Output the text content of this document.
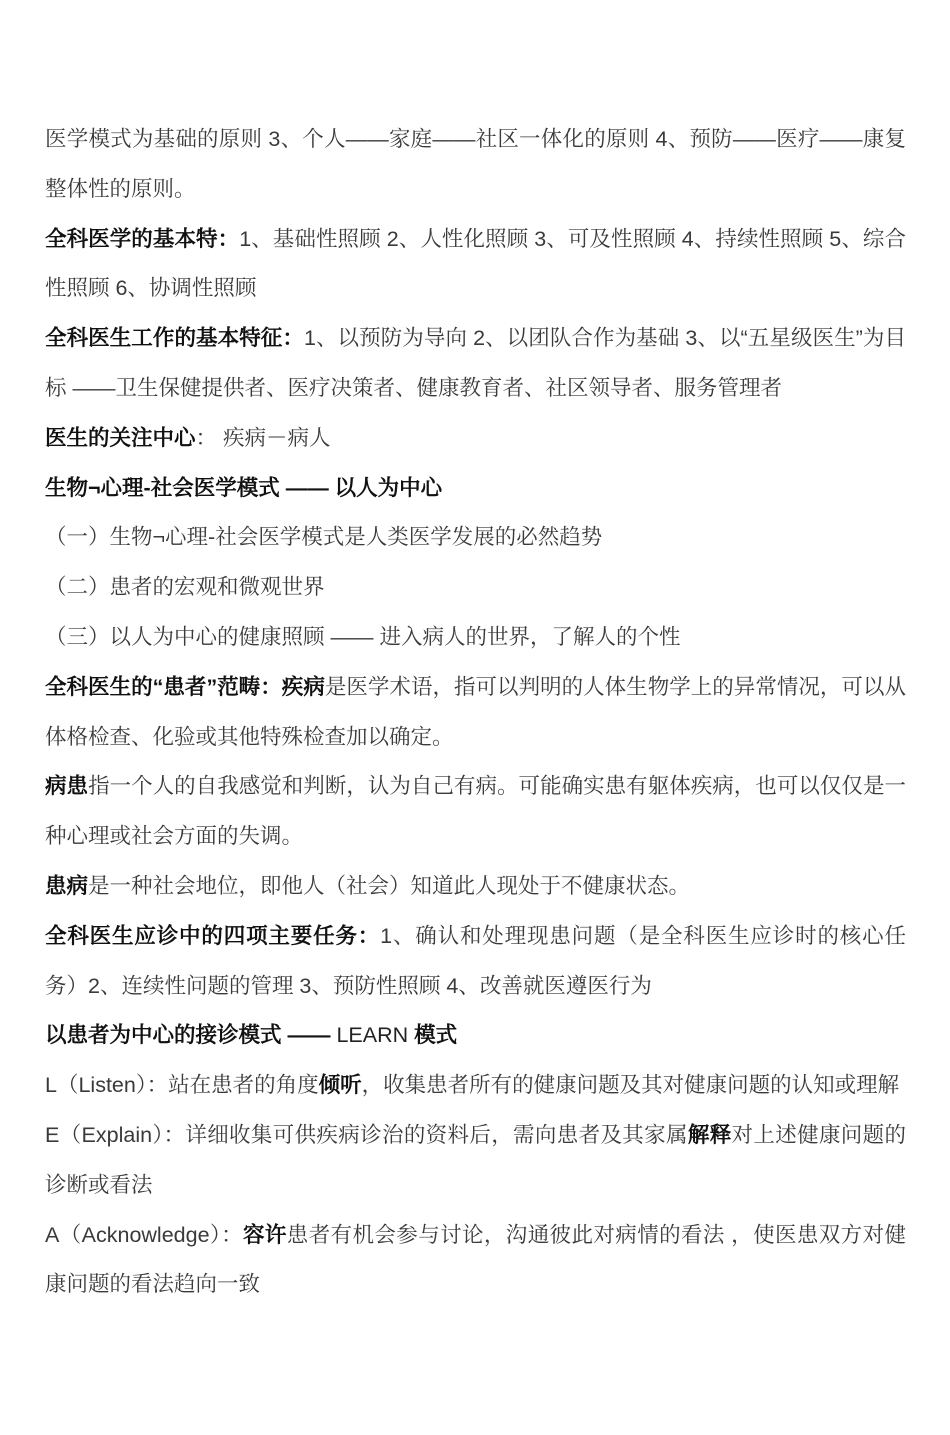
医学模式为基础的原则 3、个人——家庭——社区一体化的原则 4、预防——医疗——康复整体性的原则。

全科医学的基本特：1、基础性照顾 2、人性化照顾 3、可及性照顾 4、持续性照顾 5、综合性照顾 6、协调性照顾

全科医生工作的基本特征：1、以预防为导向 2、以团队合作为基础 3、以“五星级医生”为目标 ——卫生保健提供者、医疗决策者、健康教育者、社区领导者、服务管理者

医生的关注中心： 疾病－病人

生物¬心理-社会医学模式 —— 以人为中心

（一）生物¬心理-社会医学模式是人类医学发展的必然趋势

（二）患者的宏观和微观世界

（三）以人为中心的健康照顾 —— 进入病人的世界，了解人的个性

全科医生的“患者”范畴：疾病是医学术语，指可以判明的人体生物学上的异常情况，可以从体格检查、化验或其他特殊检查加以确定。

病患指一个人的自我感觉和判断，认为自己有病。可能确实患有躯体疾病，也可以仅仅是一种心理或社会方面的失调。

患病是一种社会地位，即他人（社会）知道此人现处于不健康状态。

全科医生应诊中的四项主要任务：1、确认和处理现患问题（是全科医生应诊时的核心任务）2、连续性问题的管理 3、预防性照顾 4、改善就医遵医行为

以患者为中心的接诊模式 —— LEARN 模式

L（Listen）：站在患者的角度倾听，收集患者所有的健康问题及其对健康问题的认知或理解

E（Explain）：详细收集可供疾病诊治的资料后，需向患者及其家属解释对上述健康问题的诊断或看法

A（Acknowledge）：容许患者有机会参与讨论，沟通彼此对病情的看法 ，使医患双方对健康问题的看法趋向一致
